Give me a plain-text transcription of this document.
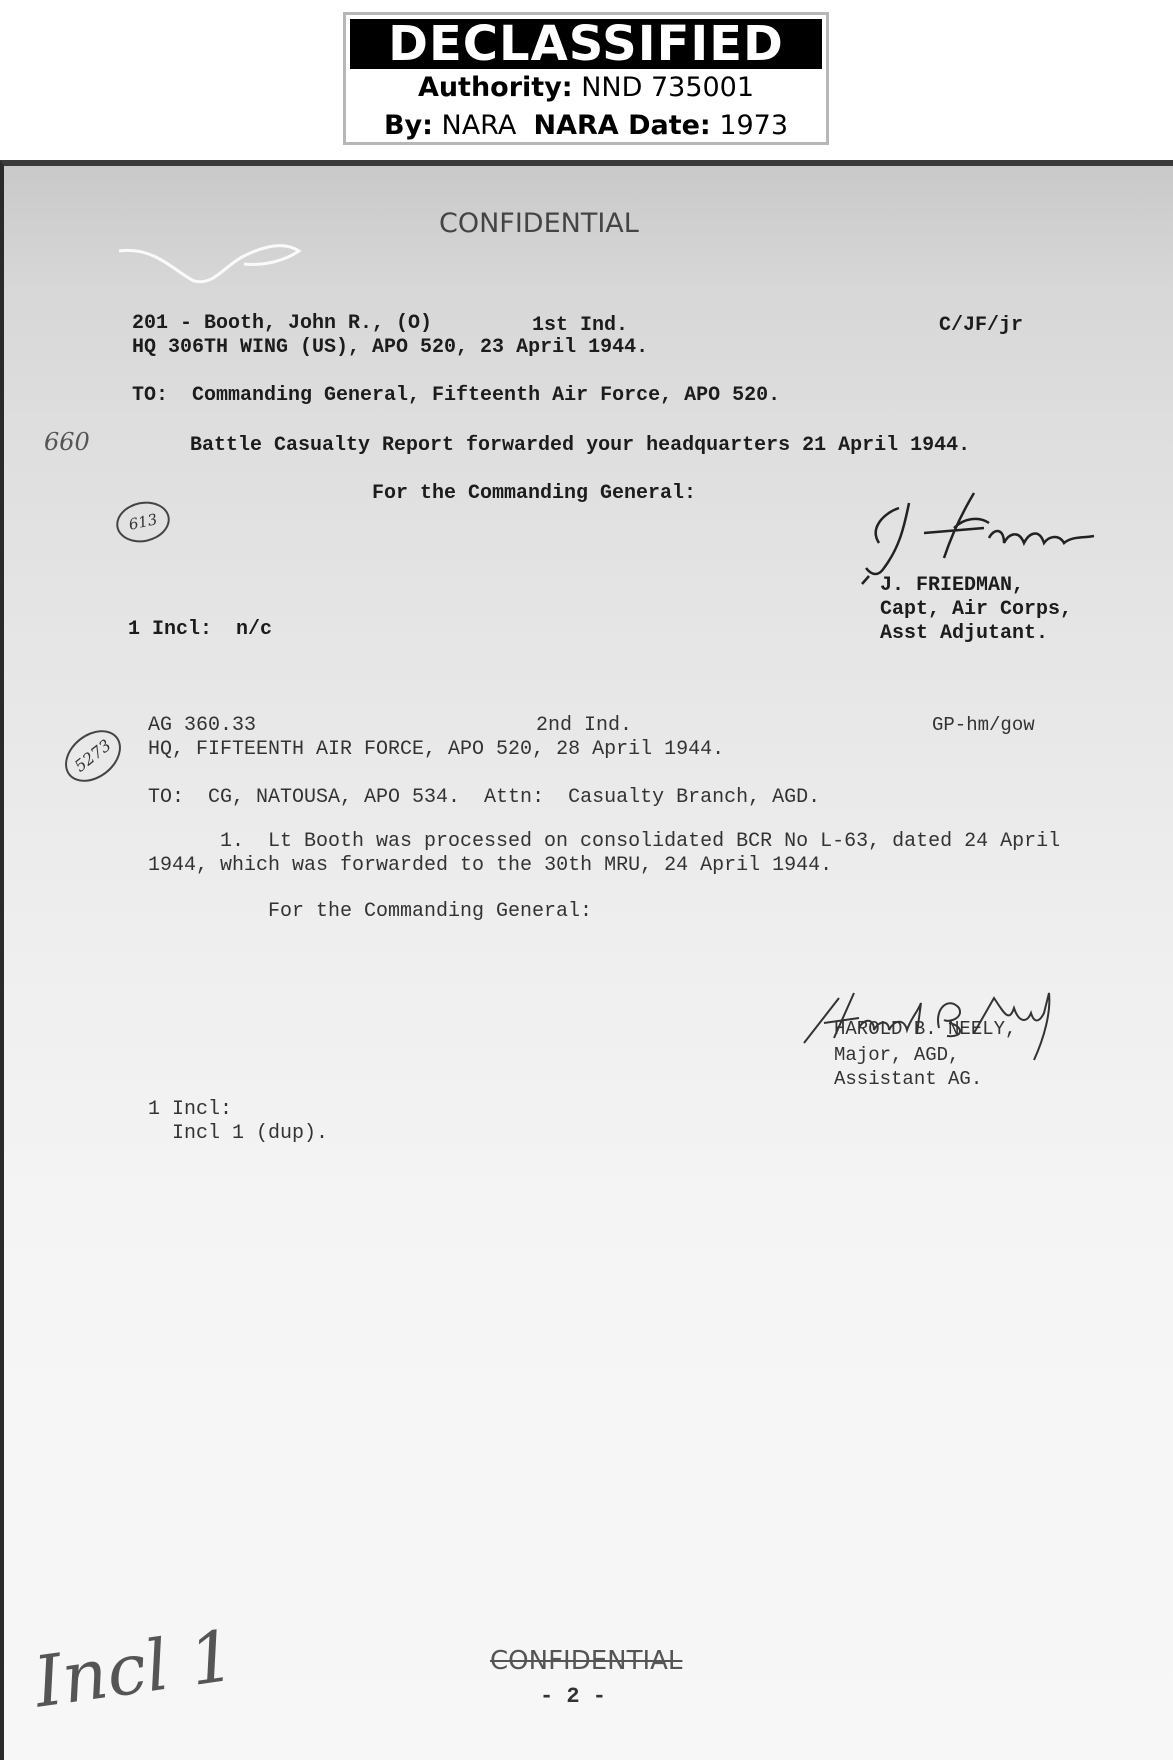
DECLASSIFIED
Authority: NND 735001
By: NARA NARA Date: 1973
CONFIDENTIAL
201 - Booth, John R., (O)	1st Ind.	C/JF/jr
HQ 306TH WING (US), APO 520, 23 April 1944.
TO:  Commanding General, Fifteenth Air Force, APO 520.
Battle Casualty Report forwarded your headquarters 21 April 1944.
For the Commanding General:
660
613
J. FRIEDMAN,
Capt, Air Corps,
Asst Adjutant.
1 Incl:  n/c
AG 360.33	2nd Ind.	GP-hm/gow
HQ, FIFTEENTH AIR FORCE, APO 520, 28 April 1944.
5273
TO:  CG, NATOUSA, APO 534.  Attn:  Casualty Branch, AGD.
1.  Lt Booth was processed on consolidated BCR No L-63, dated 24 April
1944, which was forwarded to the 30th MRU, 24 April 1944.
For the Commanding General:
HAROLD B. NEELY,
Major, AGD,
Assistant AG.
1 Incl:
Incl 1 (dup).
Incl 1	CONFIDENTIAL
- 2 -
